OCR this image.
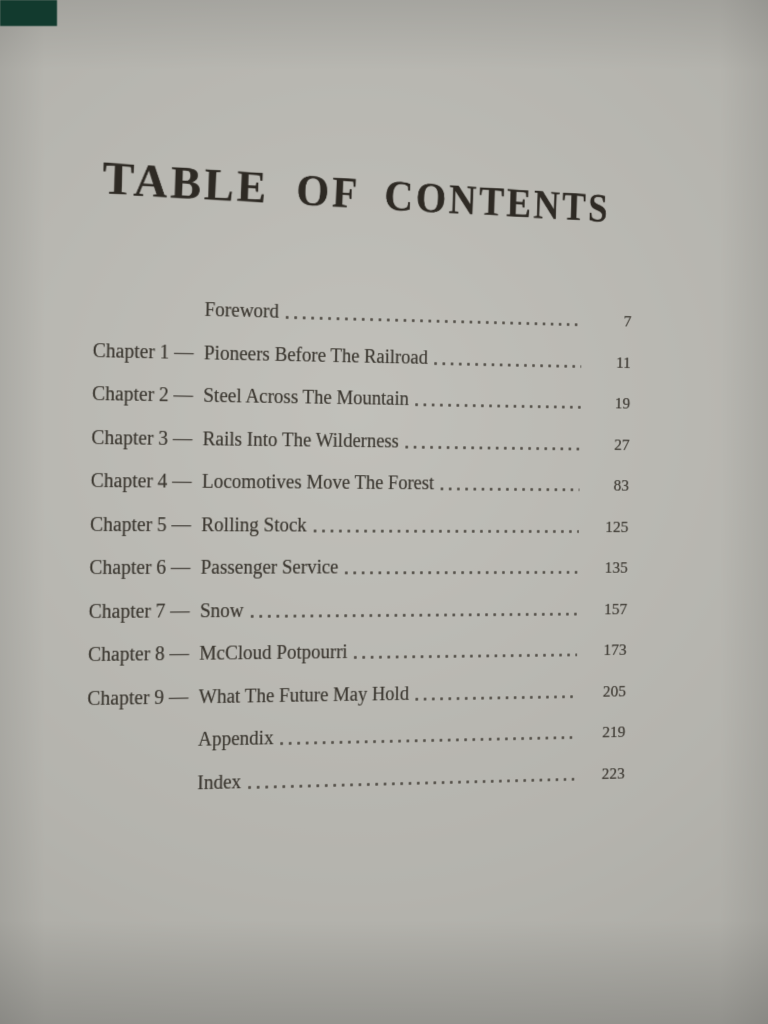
TABLE OF CONTENTS
Foreword	7
Chapter 1 — Pioneers Before The Railroad	11
Chapter 2 — Steel Across The Mountain	19
Chapter 3 — Rails Into The Wilderness	27
Chapter 4 — Locomotives Move The Forest	83
Chapter 5 — Rolling Stock	125
Chapter 6 — Passenger Service	135
Chapter 7 — Snow	157
Chapter 8 — McCloud Potpourri	173
Chapter 9 — What The Future May Hold	205
Appendix	219
Index	223
